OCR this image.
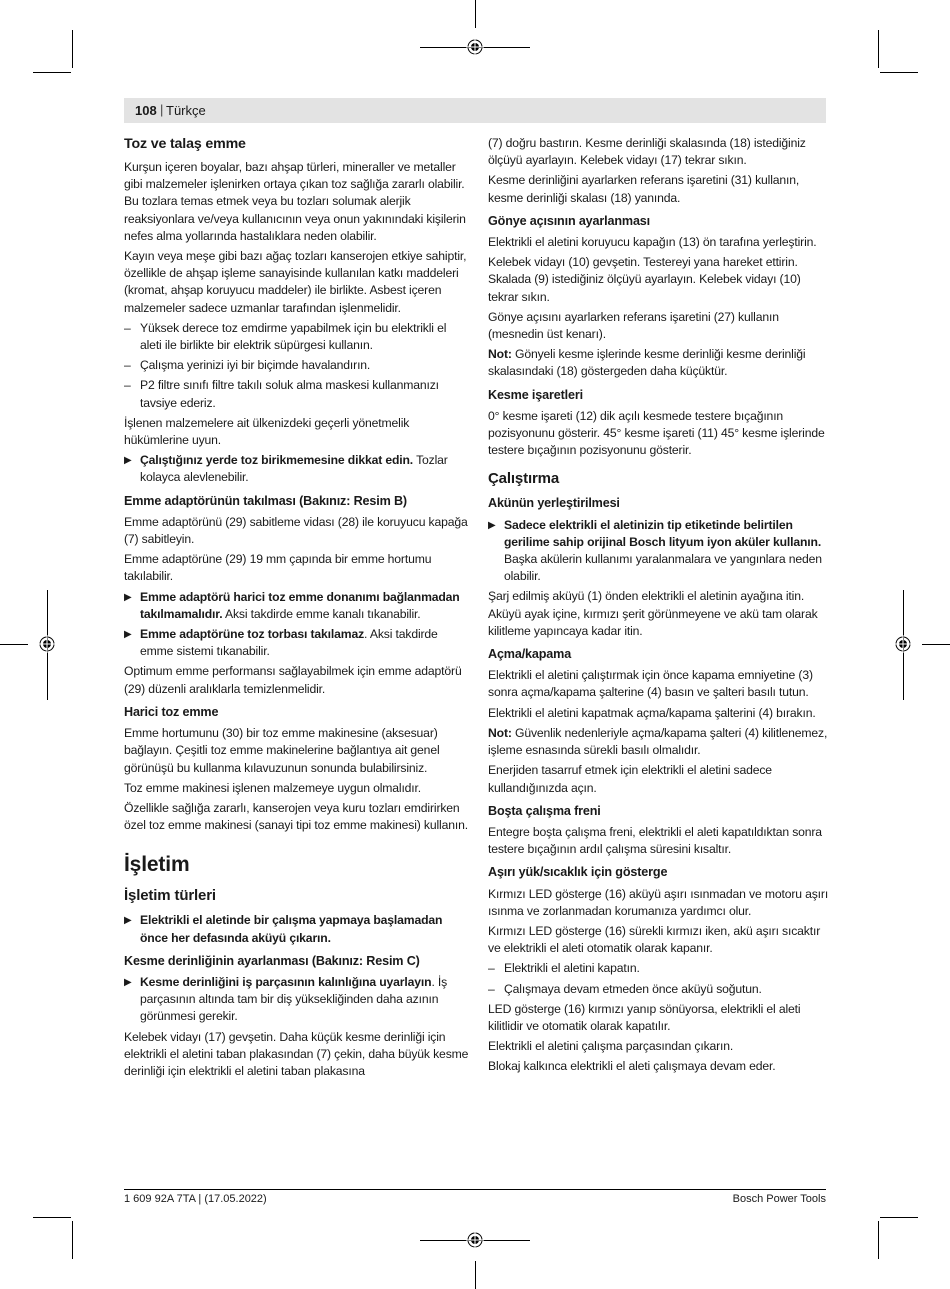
108 | Türkçe
Toz ve talaş emme

Kurşun içeren boyalar, bazı ahşap türleri, mineraller ve metaller gibi malzemeler işlenirken ortaya çıkan toz sağlığa zararlı olabilir. Bu tozlara temas etmek veya bu tozları solumak alerjik reaksiyonlara ve/veya kullanıcının veya onun yakınındaki kişilerin nefes alma yollarında hastalıklara neden olabilir.

Kayın veya meşe gibi bazı ağaç tozları kanserojen etkiye sahiptir, özellikle de ahşap işleme sanayisinde kullanılan katkı maddeleri (kromat, ahşap koruyucu maddeler) ile birlikte. Asbest içeren malzemeler sadece uzmanlar tarafından işlenmelidir.

– Yüksek derece toz emdirme yapabilmek için bu elektrikli el aleti ile birlikte bir elektrik süpürgesi kullanın.
– Çalışma yerinizi iyi bir biçimde havalandırın.
– P2 filtre sınıfı filtre takılı soluk alma maskesi kullanmanızı tavsiye ederiz.

İşlenen malzemelere ait ülkenizdeki geçerli yönetmelik hükümlerine uyun.

▶ Çalıştığınız yerde toz birikmemesine dikkat edin. Tozlar kolayca alevlenebilir.
Emme adaptörünün takılması (Bakınız: Resim B)

Emme adaptörünü (29) sabitleme vidası (28) ile koruyucu kapağa (7) sabitleyin.

Emme adaptörüne (29) 19 mm çapında bir emme hortumu takılabilir.

▶ Emme adaptörü harici toz emme donanımı bağlanmadan takılmamalıdır. Aksi takdirde emme kanalı tıkanabilir.
▶ Emme adaptörüne toz torbası takılamaz. Aksi takdirde emme sistemi tıkanabilir.

Optimum emme performansı sağlayabilmek için emme adaptörü (29) düzenli aralıklarla temizlenmelidir.

Harici toz emme

Emme hortumunu (30) bir toz emme makinesine (aksesuar) bağlayın. Çeşitli toz emme makinelerine bağlantıya ait genel görünüşü bu kullanma kılavuzunun sonunda bulabilirsiniz.

Toz emme makinesi işlenen malzemeye uygun olmalıdır.

Özellikle sağlığa zararlı, kanserojen veya kuru tozları emdirirken özel toz emme makinesi (sanayi tipi toz emme makinesi) kullanın.

İşletim
İşletim türleri
▶ Elektrikli el aletinde bir çalışma yapmaya başlamadan önce her defasında aküyü çıkarın.
Kesme derinliğinin ayarlanması (Bakınız: Resim C)
▶ Kesme derinliğini iş parçasının kalınlığına uyarlayın. İş parçasının altında tam bir diş yüksekliğinden daha azının görünmesi gerekir.

Kelebek vidayı (17) gevşetin. Daha küçük kesme derinliği için elektrikli el aletini taban plakasından (7) çekin, daha büyük kesme derinliği için elektrikli el aletini taban plakasına

(7) doğru bastırın. Kesme derinliği skalasında (18) istediğiniz ölçüyü ayarlayın. Kelebek vidayı (17) tekrar sıkın.

Kesme derinliğini ayarlarken referans işaretini (31) kullanın, kesme derinliği skalası (18) yanında.

Gönye açısının ayarlanması

Elektrikli el aletini koruyucu kapağın (13) ön tarafına yerleştirin.

Kelebek vidayı (10) gevşetin. Testereyi yana hareket ettirin. Skalada (9) istediğiniz ölçüyü ayarlayın. Kelebek vidayı (10) tekrar sıkın.

Gönye açısını ayarlarken referans işaretini (27) kullanın (mesnedin üst kenarı).

Not: Gönyeli kesme işlerinde kesme derinliği kesme derinliği skalasındaki (18) göstergeden daha küçüktür.

Kesme işaretleri

0° kesme işareti (12) dik açılı kesmede testere bıçağının pozisyonunu gösterir. 45° kesme işareti (11) 45° kesme işlerinde testere bıçağının pozisyonunu gösterir.

Çalıştırma
Akünün yerleştirilmesi
▶ Sadece elektrikli el aletinizin tip etiketinde belirtilen gerilime sahip orijinal Bosch lityum iyon aküler kullanın. Başka akülerin kullanımı yaralanmalara ve yangınlara neden olabilir.

Şarj edilmiş aküyü (1) önden elektrikli el aletinin ayağına itin. Aküyü ayak içine, kırmızı şerit görünmeyene ve akü tam olarak kilitleme yapıncaya kadar itin.

Açma/kapama

Elektrikli el aletini çalıştırmak için önce kapama emniyetine (3) sonra açma/kapama şalterine (4) basın ve şalteri basılı tutun.

Elektrikli el aletini kapatmak açma/kapama şalterini (4) bırakın.

Not: Güvenlik nedenleriyle açma/kapama şalteri (4) kilitlenemez, işleme esnasında sürekli basılı olmalıdır.

Enerjiden tasarruf etmek için elektrikli el aletini sadece kullandığınızda açın.

Boşta çalışma freni

Entegre boşta çalışma freni, elektrikli el aleti kapatıldıktan sonra testere bıçağının ardıl çalışma süresini kısaltır.

Aşırı yük/sıcaklık için gösterge

Kırmızı LED gösterge (16) aküyü aşırı ısınmadan ve motoru aşırı ısınma ve zorlanmadan korumanıza yardımcı olur.

Kırmızı LED gösterge (16) sürekli kırmızı iken, akü aşırı sıcaktır ve elektrikli el aleti otomatik olarak kapanır.

– Elektrikli el aletini kapatın.
– Çalışmaya devam etmeden önce aküyü soğutun.

LED gösterge (16) kırmızı yanıp sönüyorsa, elektrikli el aleti kilitlidir ve otomatik olarak kapatılır.

Elektrikli el aletini çalışma parçasından çıkarın.

Blokaj kalkınca elektrikli el aleti çalışmaya devam eder.

1 609 92A 7TA | (17.05.2022)	Bosch Power Tools
